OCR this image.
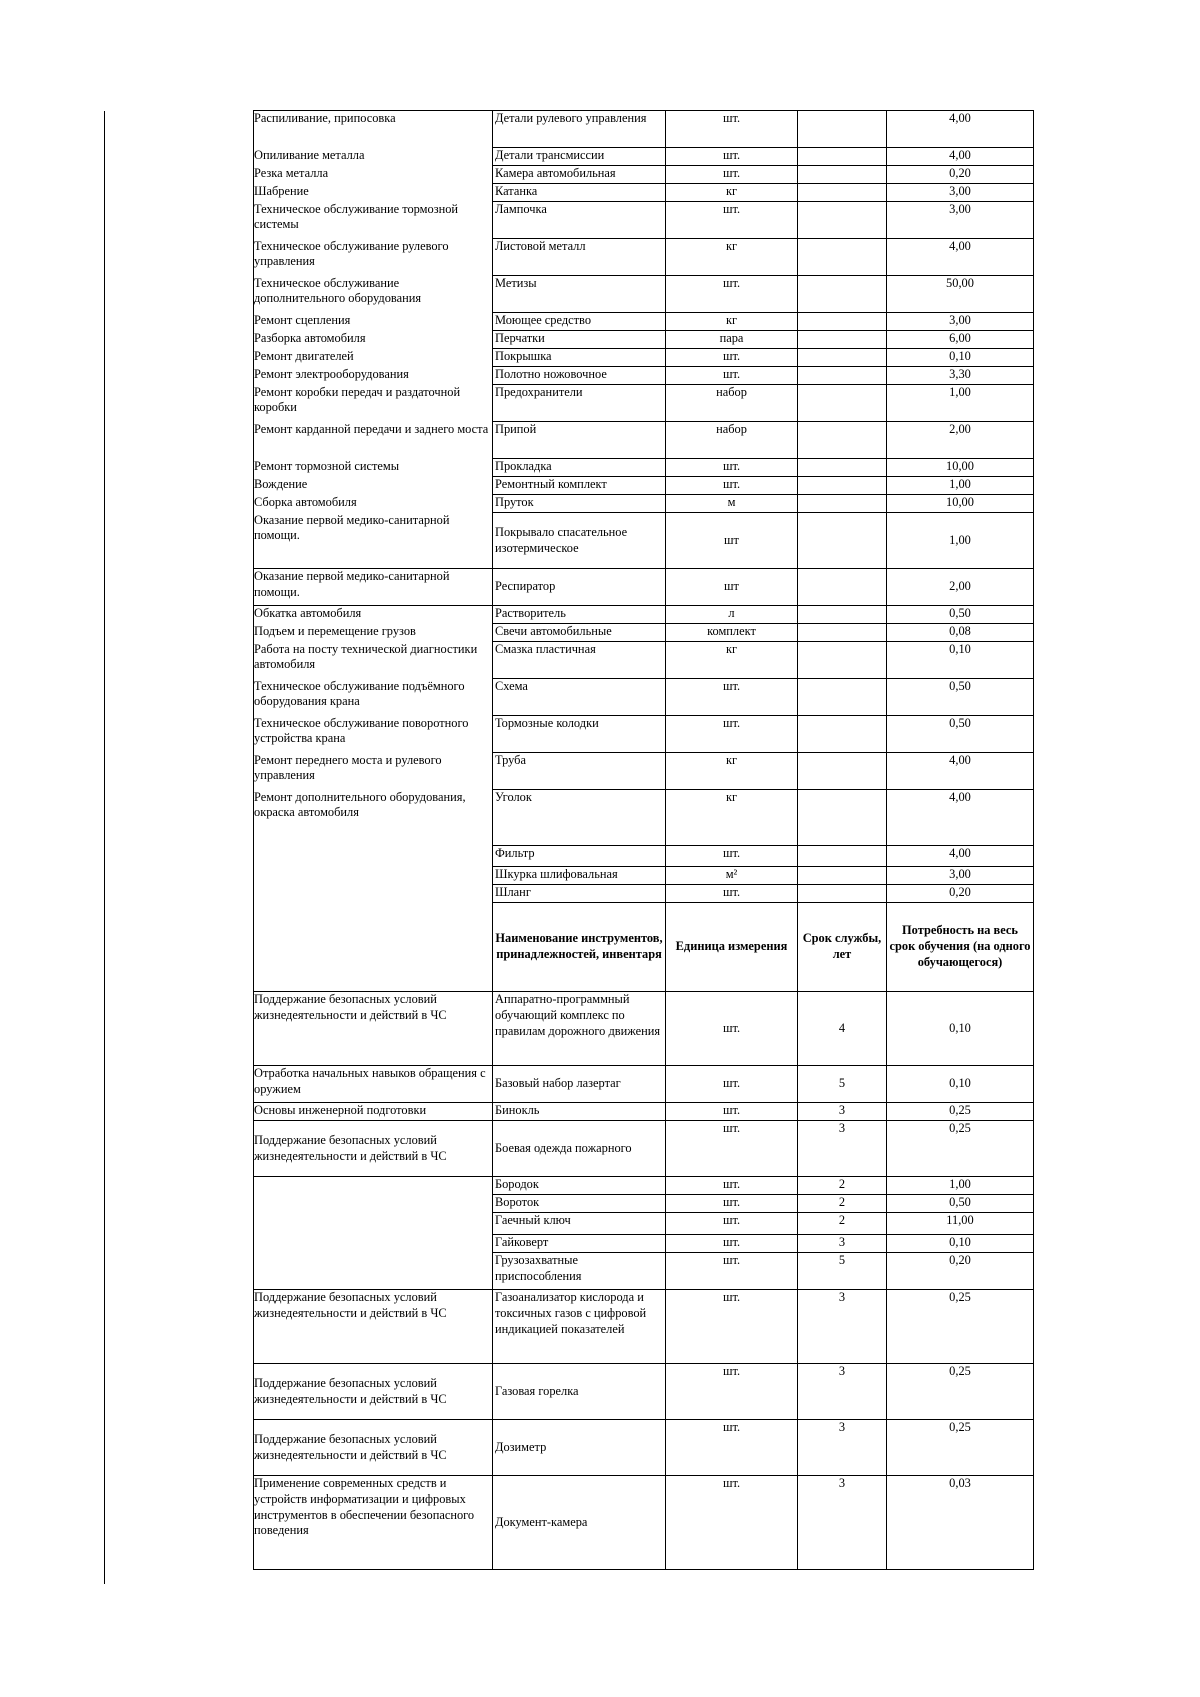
Распиливание, припосовка	Детали рулевого управления	шт.		4,00
Опиливание металла	Детали трансмиссии	шт.		4,00
Резка металла	Камера автомобильная	шт.		0,20
Шабрение	Катанка	кг		3,00
Техническое обслуживание тормозной системы	Лампочка	шт.		3,00
Техническое обслуживание рулевого управления	Листовой металл	кг		4,00
Техническое обслуживание дополнительного оборудования	Метизы	шт.		50,00
Ремонт сцепления	Моющее средство	кг		3,00
Разборка автомобиля	Перчатки	пара		6,00
Ремонт двигателей	Покрышка	шт.		0,10
Ремонт электрооборудования	Полотно ножовочное	шт.		3,30
Ремонт коробки передач и раздаточной коробки	Предохранители	набор		1,00
Ремонт карданной передачи и заднего моста	Припой	набор		2,00
Ремонт тормозной системы	Прокладка	шт.		10,00
Вождение	Ремонтный комплект	шт.		1,00
Сборка автомобиля	Пруток	м		10,00
Оказание первой медико-санитарной помощи.	Покрывало спасательное изотермическое	шт		1,00
Оказание первой медико-санитарной помощи.	Респиратор	шт		2,00
Обкатка автомобиля	Растворитель	л		0,50
Подъем и перемещение грузов	Свечи автомобильные	комплект		0,08
Работа на посту технической диагностики автомобиля	Смазка пластичная	кг		0,10
Техническое обслуживание подъёмного оборудования крана	Схема	шт.		0,50
Техническое обслуживание поворотного устройства крана	Тормозные колодки	шт.		0,50
Ремонт переднего моста и рулевого управления	Труба	кг		4,00
Ремонт дополнительного оборудования, окраска автомобиля	Уголок	кг		4,00
	Фильтр	шт.		4,00
	Шкурка шлифовальная	м²		3,00
	Шланг	шт.		0,20
	Наименование инструментов, принадлежностей, инвентаря	Единица измерения	Срок службы, лет	Потребность на весь срок обучения (на одного обучающегося)
Поддержание безопасных условий жизнедеятельности и действий в ЧС	Аппаратно-программный обучающий комплекс по правилам дорожного движения	шт.	4	0,10
Отработка начальных навыков обращения с оружием	Базовый набор лазертаг	шт.	5	0,10
Основы инженерной подготовки	Бинокль	шт.	3	0,25
Поддержание безопасных условий жизнедеятельности и действий в ЧС	Боевая одежда пожарного	шт.	3	0,25
	Бородок	шт.	2	1,00
	Вороток	шт.	2	0,50
	Гаечный ключ	шт.	2	11,00
	Гайковерт	шт.	3	0,10
	Грузозахватные приспособления	шт.	5	0,20
Поддержание безопасных условий жизнедеятельности и действий в ЧС	Газоанализатор кислорода и токсичных газов с цифровой индикацией показателей	шт.	3	0,25
Поддержание безопасных условий жизнедеятельности и действий в ЧС	Газовая горелка	шт.	3	0,25
Поддержание безопасных условий жизнедеятельности и действий в ЧС	Дозиметр	шт.	3	0,25
Применение современных средств и устройств информатизации и цифровых инструментов в обеспечении безопасного поведения	Документ-камера	шт.	3	0,03
